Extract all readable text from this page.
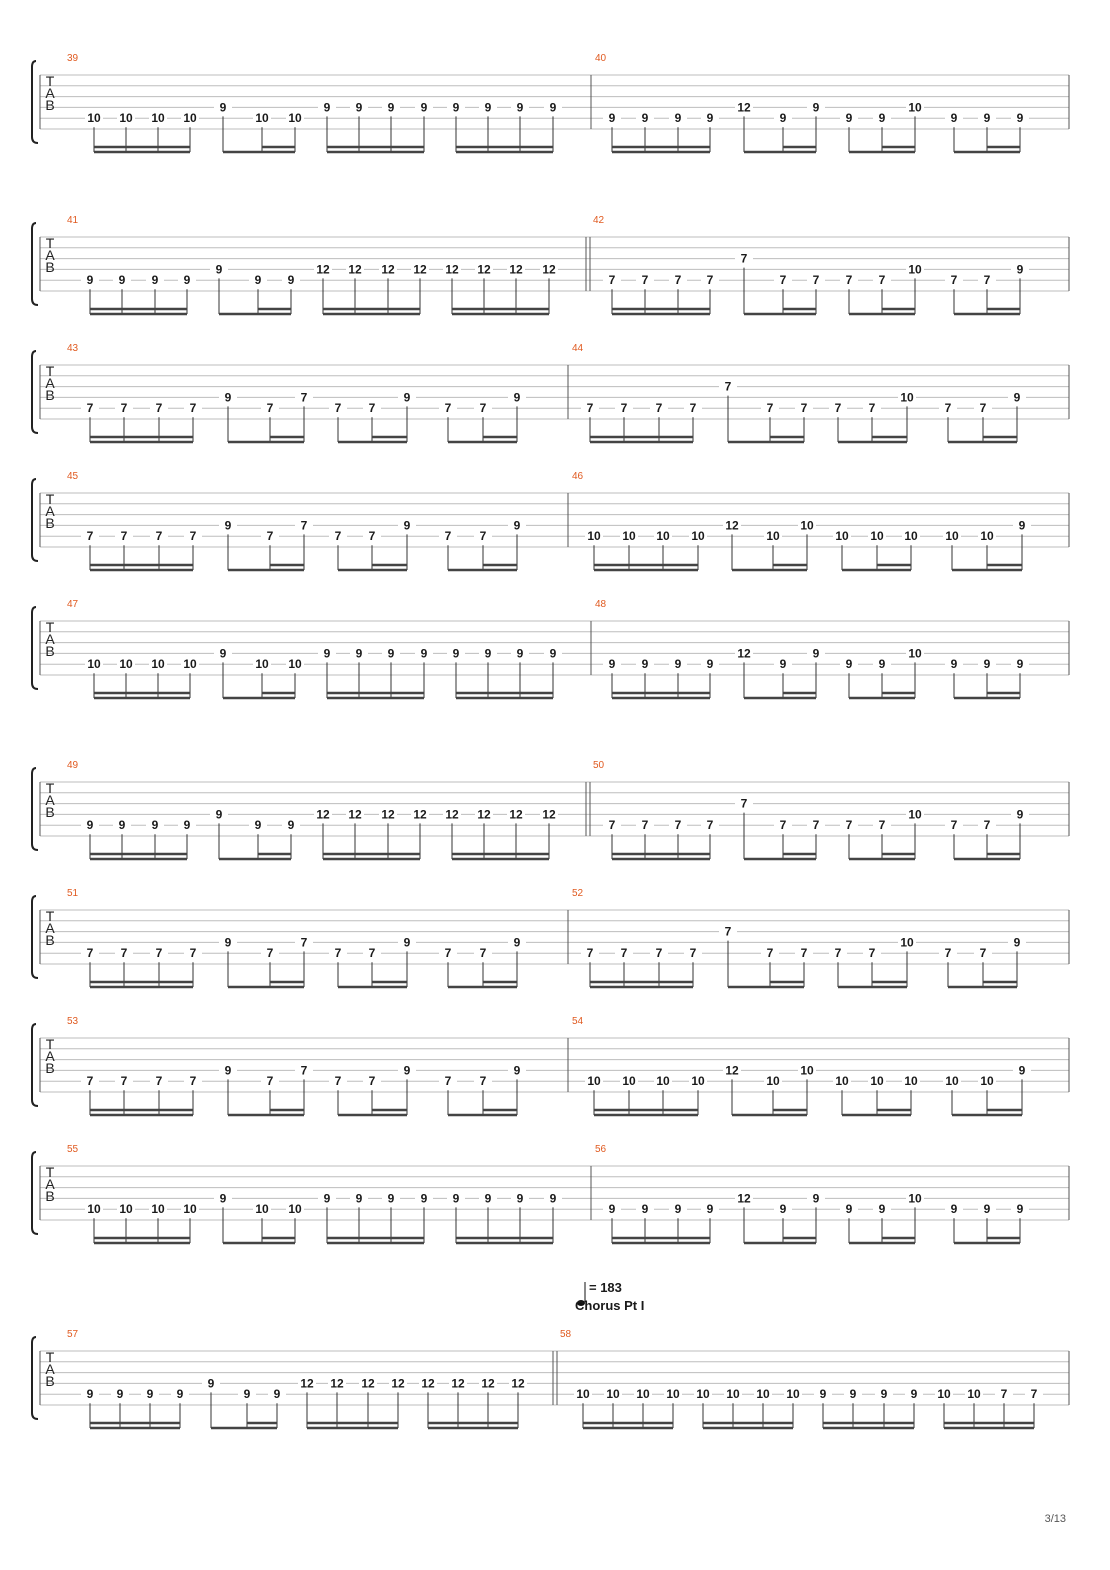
T
A
B
39
10 10 10 10
9
10 10
9 9 9 9 9 9 9 9
40
9 9 9 9
12
9
9
9 9
10
9 9 9
T
A
B
41
9 9 9 9
9
9 9
12 12 12 12 12 12 12 12
42
7 7 7 7
7
7 7 7 7
10
7 7
9
T
A
B
43
7 7 7 7
9
7
7
7 7
9
7 7
9
44
7 7 7 7
7
7 7 7 7
10
7 7
9
T
A
B
45
7 7 7 7
9
7
7
7 7
9
7 7
9
46
10 10 10 10
12
10
10
10 10 10 10 10
9
T
A
B
47
10 10 10 10
9
10 10
9 9 9 9 9 9 9 9
48
9 9 9 9
12
9
9
9 9
10
9 9 9
T
A
B
49
9 9 9 9
9
9 9
12 12 12 12 12 12 12 12
50
7 7 7 7
7
7 7 7 7
10
7 7
9
T
A
B
51
7 7 7 7
9
7
7
7 7
9
7 7
9
52
7 7 7 7
7
7 7 7 7
10
7 7
9
T
A
B
53
7 7 7 7
9
7
7
7 7
9
7 7
9
54
10 10 10 10
12
10
10
10 10 10 10 10
9
T
A
B
55
10 10 10 10
9
10 10
9 9 9 9 9 9 9 9
56
9 9 9 9
12
9
9
9 9
10
9 9 9
T
A
B
57
9 9 9 9
9
9 9
12 12 12 12 12 12 12 12
58
10 10 10 10 10 10 10 10 9 9 9 9 10 10 7 7
= 183
Chorus Pt I
3/13
